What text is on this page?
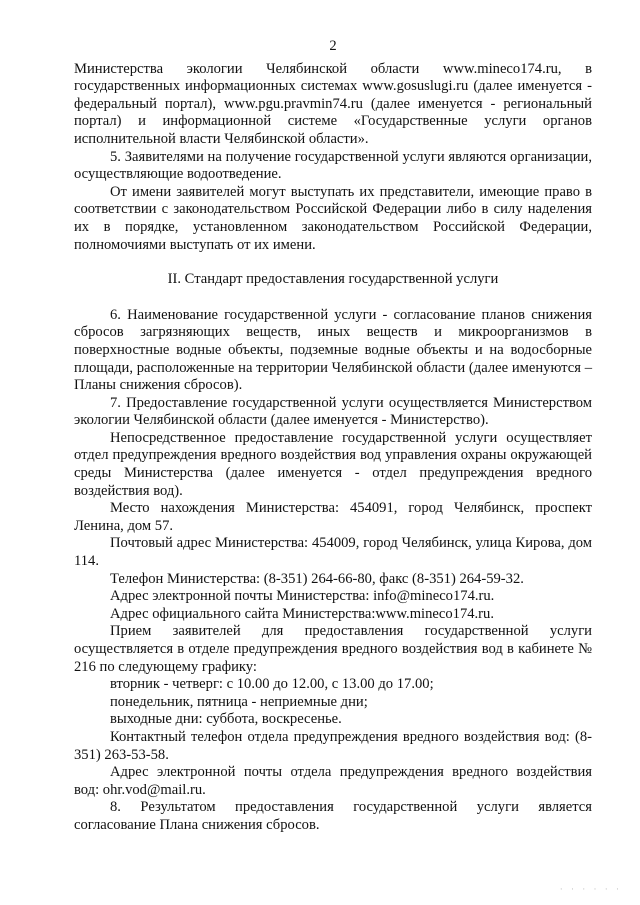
2

Министерства экологии Челябинской области www.mineco174.ru, в государственных информационных системах www.gosuslugi.ru (далее именуется - федеральный портал), www.pgu.pravmin74.ru (далее именуется - региональный портал) и информационной системе «Государственные услуги органов исполнительной власти Челябинской области».

5. Заявителями на получение государственной услуги являются организации, осуществляющие водоотведение.

От имени заявителей могут выступать их представители, имеющие право в соответствии с законодательством Российской Федерации либо в силу наделения их в порядке, установленном законодательством Российской Федерации, полномочиями выступать от их имени.

II. Стандарт предоставления государственной услуги

6. Наименование государственной услуги - согласование планов снижения сбросов загрязняющих веществ, иных веществ и микроорганизмов в поверхностные водные объекты, подземные водные объекты и на водосборные площади, расположенные на территории Челябинской области (далее именуются – Планы снижения сбросов).

7. Предоставление государственной услуги осуществляется Министерством экологии Челябинской области (далее именуется - Министерство).

Непосредственное предоставление государственной услуги осуществляет отдел предупреждения вредного воздействия вод управления охраны окружающей среды Министерства (далее именуется - отдел предупреждения вредного воздействия вод).

Место нахождения Министерства: 454091, город Челябинск, проспект Ленина, дом 57.

Почтовый адрес Министерства: 454009, город Челябинск, улица Кирова, дом 114.

Телефон Министерства: (8-351) 264-66-80, факс (8-351) 264-59-32.

Адрес электронной почты Министерства: info@mineco174.ru.

Адрес официального сайта Министерства:www.mineco174.ru.

Прием заявителей для предоставления государственной услуги осуществляется в отделе предупреждения вредного воздействия вод в кабинете № 216 по следующему графику:

вторник - четверг: с 10.00 до 12.00, с 13.00 до 17.00;

понедельник, пятница - неприемные дни;

выходные дни: суббота, воскресенье.

Контактный телефон отдела предупреждения вредного воздействия вод: (8-351) 263-53-58.

Адрес электронной почты отдела предупреждения вредного воздействия вод: ohr.vod@mail.ru.

8. Результатом предоставления государственной услуги является согласование Плана снижения сбросов.

· · · · · ·
